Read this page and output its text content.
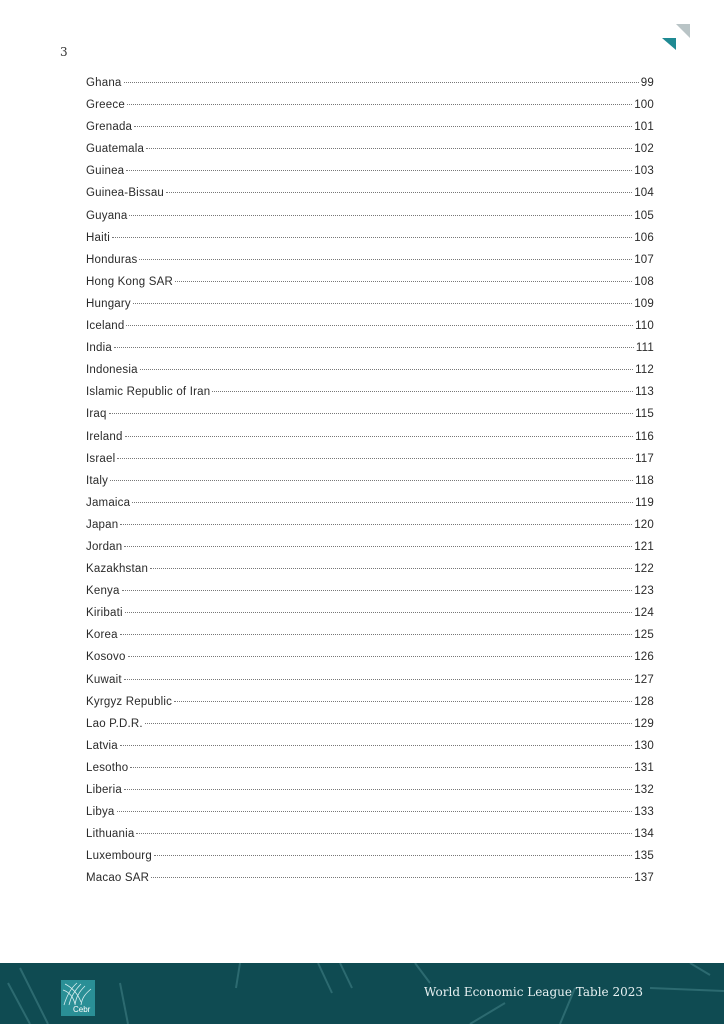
3
Ghana	99
Greece	100
Grenada	101
Guatemala	102
Guinea	103
Guinea-Bissau	104
Guyana	105
Haiti	106
Honduras	107
Hong Kong SAR	108
Hungary	109
Iceland	110
India	111
Indonesia	112
Islamic Republic of Iran	113
Iraq	115
Ireland	116
Israel	117
Italy	118
Jamaica	119
Japan	120
Jordan	121
Kazakhstan	122
Kenya	123
Kiribati	124
Korea	125
Kosovo	126
Kuwait	127
Kyrgyz Republic	128
Lao P.D.R.	129
Latvia	130
Lesotho	131
Liberia	132
Libya	133
Lithuania	134
Luxembourg	135
Macao SAR	137
Cebr
World Economic League Table 2023
